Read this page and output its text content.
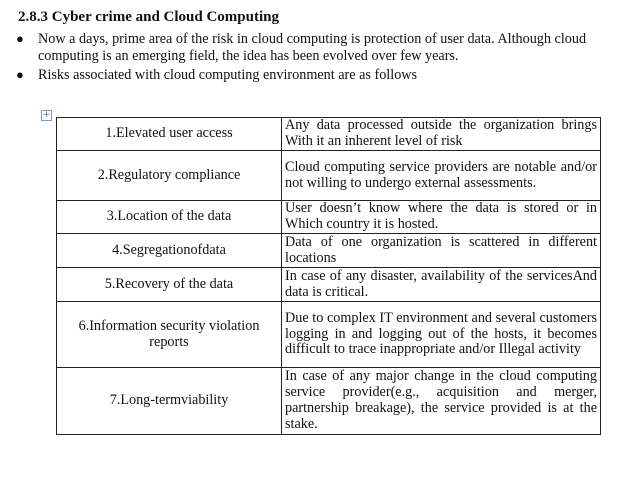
2.8.3 Cyber crime and Cloud Computing
● Now a days, prime area of the risk in cloud computing is protection of user data. Although cloud computing is an emerging field, the idea has been evolved over few years.
● Risks associated with cloud computing environment are as follows
+
1.Elevated user access	Any data processed outside the organization brings With it an inherent level of risk
2.Regulatory compliance	Cloud computing service providers are notable and/or not willing to undergo external assessments.
3.Location of the data	User doesn’t know where the data is stored or in Which country it is hosted.
4.Segregationofdata	Data of one organization is scattered in different locations
5.Recovery of the data	In case of any disaster, availability of the servicesAnd data is critical.
6.Information security violation reports	Due to complex IT environment and several customers logging in and logging out of the hosts, it becomes difficult to trace inappropriate and/or Illegal activity
7.Long-termviability	In case of any major change in the cloud computing service provider(e.g., acquisition and merger, partnership breakage), the service provided is at the stake.
